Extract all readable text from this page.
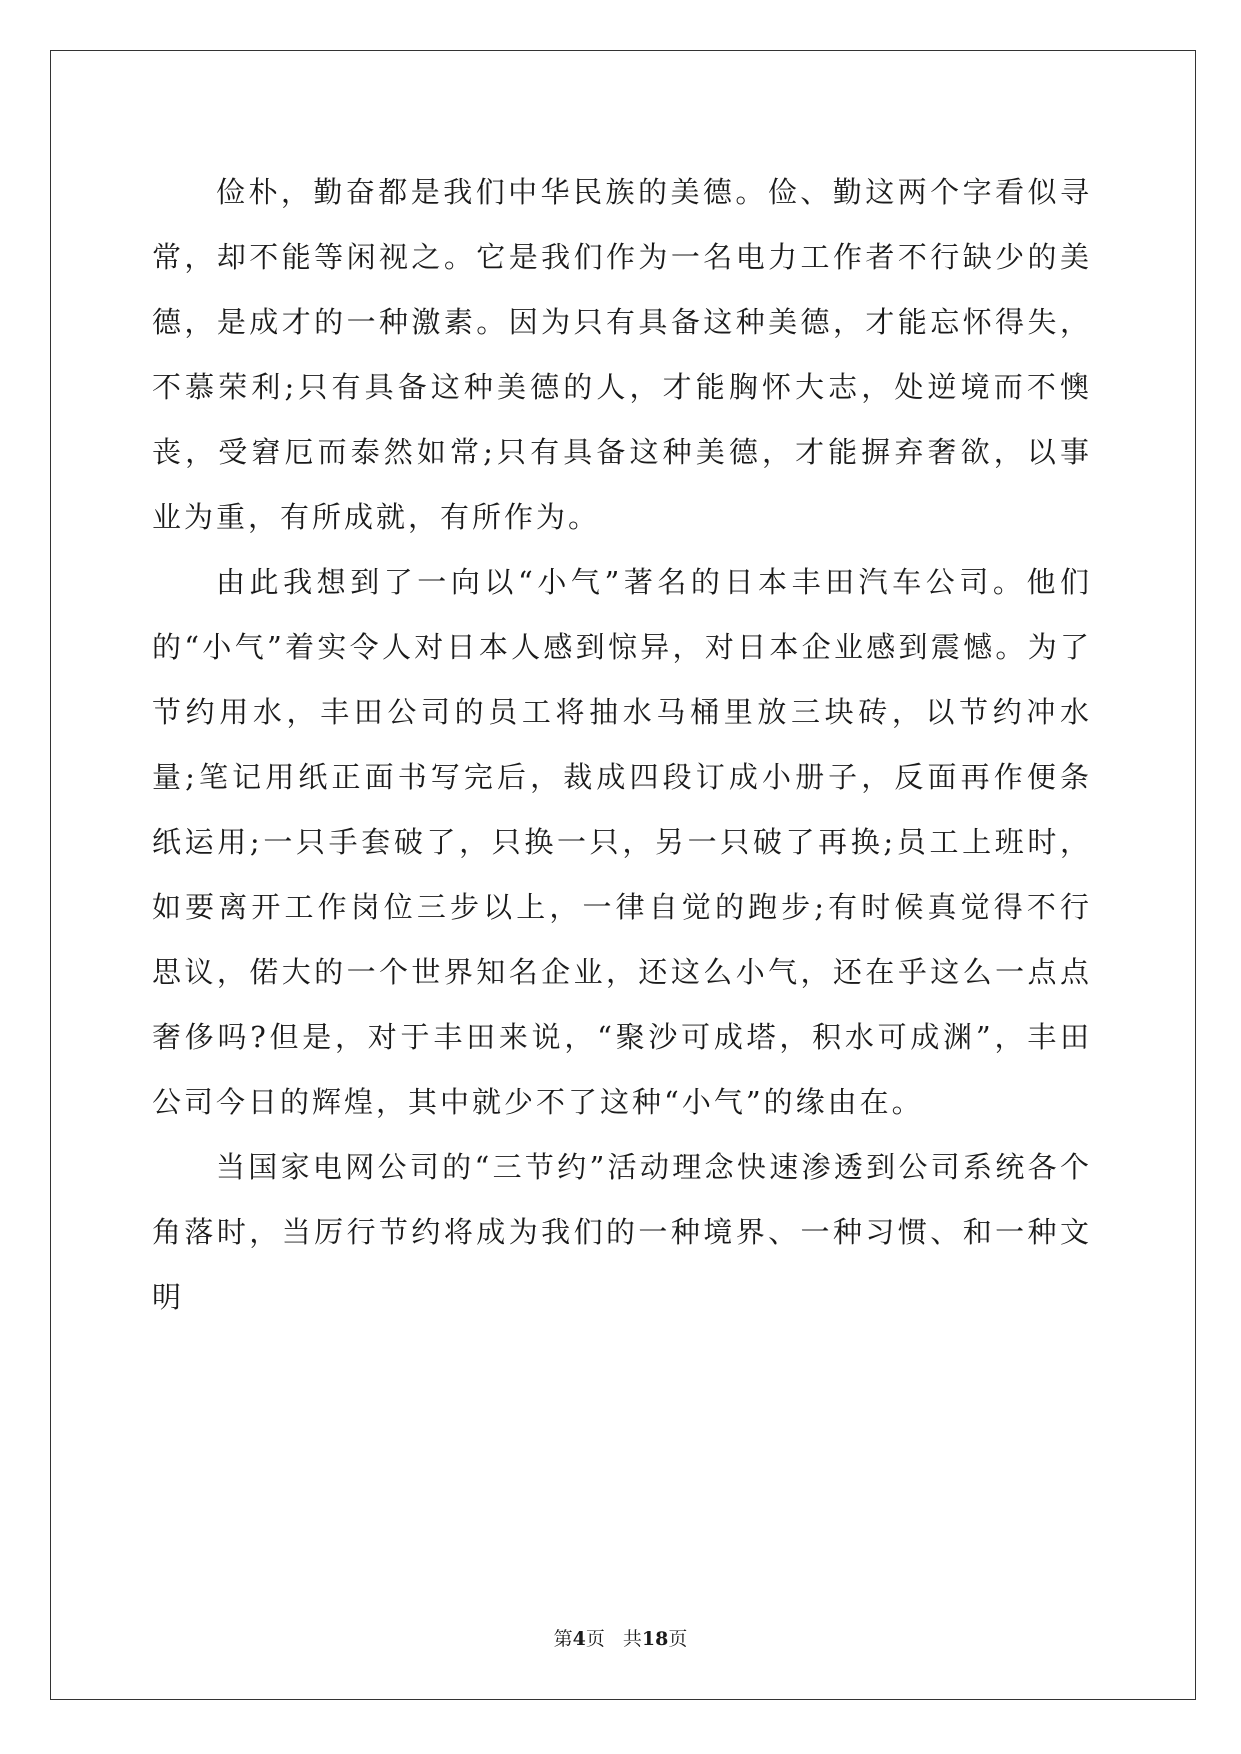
俭朴，勤奋都是我们中华民族的美德。俭、勤这两个字看似寻常，却不能等闲视之。它是我们作为一名电力工作者不行缺少的美德，是成才的一种激素。因为只有具备这种美德，才能忘怀得失，不慕荣利;只有具备这种美德的人，才能胸怀大志，处逆境而不懊丧，受窘厄而泰然如常;只有具备这种美德，才能摒弃奢欲，以事业为重，有所成就，有所作为。

由此我想到了一向以“小气”著名的日本丰田汽车公司。他们的“小气”着实令人对日本人感到惊异，对日本企业感到震憾。为了节约用水，丰田公司的员工将抽水马桶里放三块砖，以节约冲水量;笔记用纸正面书写完后，裁成四段订成小册子，反面再作便条纸运用;一只手套破了，只换一只，另一只破了再换;员工上班时，如要离开工作岗位三步以上，一律自觉的跑步;有时候真觉得不行思议，偌大的一个世界知名企业，还这么小气，还在乎这么一点点奢侈吗?但是，对于丰田来说，“聚沙可成塔，积水可成渊”，丰田公司今日的辉煌，其中就少不了这种“小气”的缘由在。

当国家电网公司的“三节约”活动理念快速渗透到公司系统各个角落时，当厉行节约将成为我们的一种境界、一种习惯、和一种文明

第4页 共18页
